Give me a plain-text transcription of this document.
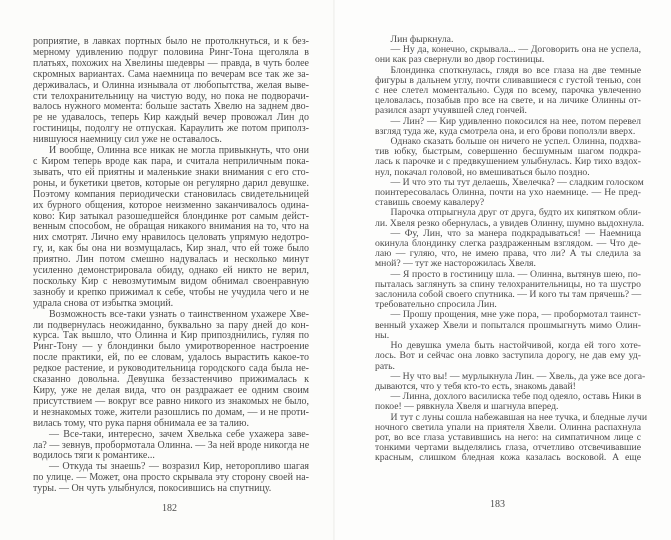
роприятие, в лавках портных было не протолкнуться, и к без-
мерному удивлению подруг половина Ринг-Тона щеголяла в
платьях, похожих на Хвелины шедевры — правда, в чуть более
скромных вариантах. Сама наемница по вечерам все так же за-
держивалась, и Олинна изнывала от любопытства, желая выве-
сти телохранительницу на чистую воду, но пока не подворачи-
валось нужного момента: больше застать Хвелю на заднем дво-
ре не удавалось, теперь Кир каждый вечер провожал Лин до
гостиницы, подолгу не отпуская. Караулить же потом приполз-
нившуюся наемницу сил уже не оставалось.
И вообще, Олинна все никак не могла привыкнуть, что они
с Киром теперь вроде как пара, и считала неприличным пока-
зывать, что ей приятны и маленькие знаки внимания с его сто-
роны, и букетики цветов, которые он регулярно дарил девушке.
Поэтому компания периодически становилась свидетельницей
их бурного общения, которое неизменно заканчивалось одина-
ково: Кир затыкал разошедшейся блондинке рот самым дейст-
венным способом, не обращая никакого внимания на то, что на
них смотрят. Лично ему нравилось целовать упрямую недотро-
гу, и, как бы она ни возмущалась, Кир знал, что ей тоже было
приятно. Лин потом смешно надувалась и несколько минут
усиленно демонстрировала обиду, однако ей никто не верил,
поскольку Кир с невозмутимым видом обнимал своенравную
зазнобу и крепко прижимал к себе, чтобы не учудила чего и не
удрала снова от избытка эмоций.
Возможность все-таки узнать о таинственном ухажере Хве-
ли подвернулась неожиданно, буквально за пару дней до кон-
курса. Так вышло, что Олинна и Кир припозднились, гуляя по
Ринг-Тону — у блондинки было умиротворенное настроение
после практики, ей, по ее словам, удалось вырастить какое-то
редкое растение, и руководительница городского сада была не-
сказанно довольна. Девушка беззастенчиво прижималась к
Киру, уже не делая вида, что он раздражает ее одним своим
присутствием — вокруг все равно никого из знакомых не было,
и незнакомых тоже, жители разошлись по домам, — и не проти-
вилась тому, что рука парня обнимала ее за талию.
— Все-таки, интересно, зачем Хвелька себе ухажера заве-
ла? — зевнув, пробормотала Олинна. — За ней вроде никогда не
водилось тяги к романтике...
— Откуда ты знаешь? — возразил Кир, неторопливо шагая
по улице. — Может, она просто скрывала эту сторону своей на-
туры. — Он чуть улыбнулся, покосившись на спутницу.
182
Лин фыркнула.
— Ну да, конечно, скрывала... — Договорить она не успела,
они как раз свернули во двор гостиницы.
Блондинка споткнулась, глядя во все глаза на две темные
фигуры в дальнем углу, почти сливавшиеся с густой тенью, сон
с нее слетел моментально. Судя по всему, парочка увлеченно
целовалась, позабыв про все на свете, и на личике Олинны от-
разился азарт учуявшей след гончей.
— Лин? — Кир удивленно покосился на нее, потом перевел
взгляд туда же, куда смотрела она, и его брови поползли вверх.
Однако сказать больше он ничего не успел. Олинна, подхва-
тив юбку, быстрым, совершенно бесшумным шагом подкра-
лась к парочке и с предвкушением улыбнулась. Кир тихо вздох-
нул, покачал головой, но вмешиваться было поздно.
— И что это ты тут делаешь, Хвелечка? — сладким голоском
поинтересовалась Олинна, почти на ухо наемнице. — Не пред-
ставишь своему кавалеру?
Парочка отпрыгнула друг от друга, будто их кипятком обли-
ли. Хвеля резко обернулась, а увидев Олинну, шумно выдохнула.
— Фу, Лин, что за манера подкрадываться! — Наемница
окинула блондинку слегка раздраженным взглядом. — Что де-
лаю — гуляю, что, не имею права, что ли? А ты следила за
мной? — тут же насторожилась Хвеля.
— Я просто в гостиницу шла. — Олинна, вытянув шею, по-
пыталась заглянуть за спину телохранительницы, но та шустро
заслонила собой своего спутника. — И кого ты там прячешь? —
требовательно спросила Лин.
— Прошу прощения, мне уже пора, — пробормотал таинст-
венный ухажер Хвели и попытался прошмыгнуть мимо Олин-
ны.
Но девушка умела быть настойчивой, когда ей того хоте-
лось. Вот и сейчас она ловко заступила дорогу, не дав ему уд-
рать.
— Ну что вы! — мурлыкнула Лин. — Хвель, да уже все дога-
дываются, что у тебя кто-то есть, знакомь давай!
— Линна, дохлого василиска тебе под одеяло, оставь Ники в
покое! — рявкнула Хвеля и шагнула вперед.
И тут с луны сошла набежавшая на нее тучка, и бледные лучи
ночного светила упали на приятеля Хвели. Олинна распахнула
рот, во все глаза уставившись на него: на симпатичном лице с
тонкими чертами выделялись глаза, отчетливо отсвечивавшие
красным, слишком бледная кожа казалась восковой. А еще
183
